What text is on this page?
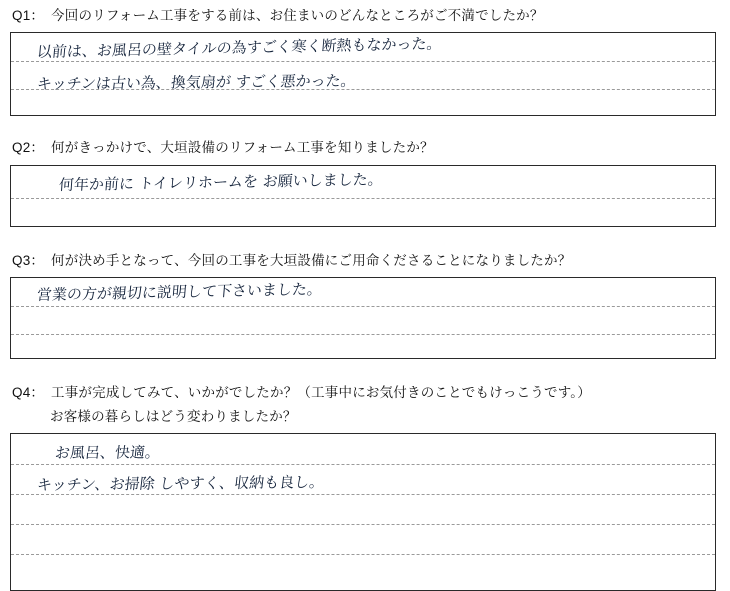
Q1：　今回のリフォーム工事をする前は、お住まいのどんなところがご不満でしたか？
以前は、お風呂の壁タイルの為すごく寒く断熱もなかった。
キッチンは古い為、換気扇が すごく悪かった。
Q2：　何がきっかけで、大垣設備のリフォーム工事を知りましたか？
何年か前に トイレリホームを お願いしました。
Q3：　何が決め手となって、今回の工事を大垣設備にご用命くださることになりましたか？
営業の方が親切に説明して下さいました。
Q4：　工事が完成してみて、いかがでしたか？（工事中にお気付きのことでもけっこうです。）
お客様の暮らしはどう変わりましたか？
お風呂、快適。
キッチン、お掃除 しやすく、収納も良し。
